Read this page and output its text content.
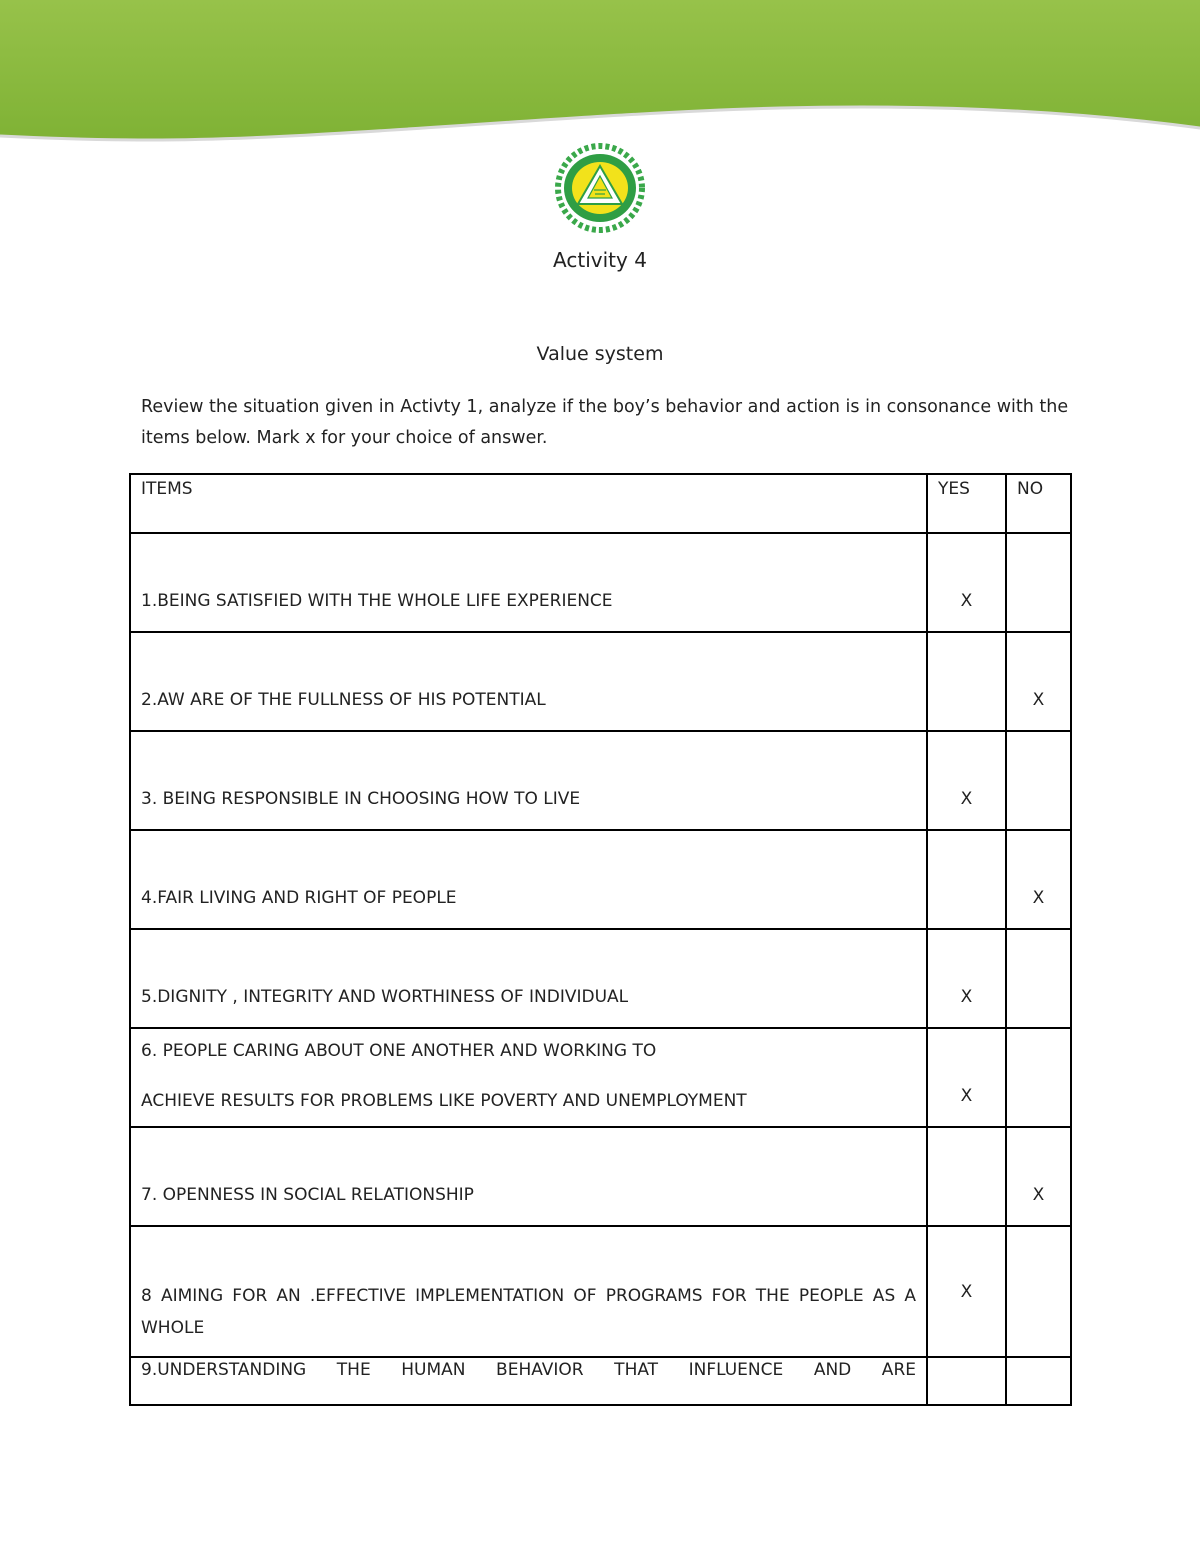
Activity 4
Value system
Review the situation given in Activty 1, analyze if the boy’s behavior and action is in consonance with the items below. Mark x for your choice of answer.
ITEMS	YES	NO
1.BEING SATISFIED WITH THE WHOLE LIFE EXPERIENCE	X	
2.AW ARE OF THE FULLNESS OF HIS POTENTIAL		X
3. BEING RESPONSIBLE IN CHOOSING HOW TO LIVE	X	
4.FAIR LIVING AND RIGHT OF PEOPLE		X
5.DIGNITY , INTEGRITY AND WORTHINESS OF INDIVIDUAL	X	

6. PEOPLE CARING ABOUT ONE ANOTHER AND WORKING TO
ACHIEVE RESULTS FOR PROBLEMS LIKE POVERTY AND UNEMPLOYMENT	X	
7. OPENNESS IN SOCIAL RELATIONSHIP		X
8 AIMING FOR AN .EFFECTIVE IMPLEMENTATION OF PROGRAMS FOR THE PEOPLE AS A WHOLE	X	
9.UNDERSTANDING THE HUMAN BEHAVIOR THAT INFLUENCE AND ARE		
